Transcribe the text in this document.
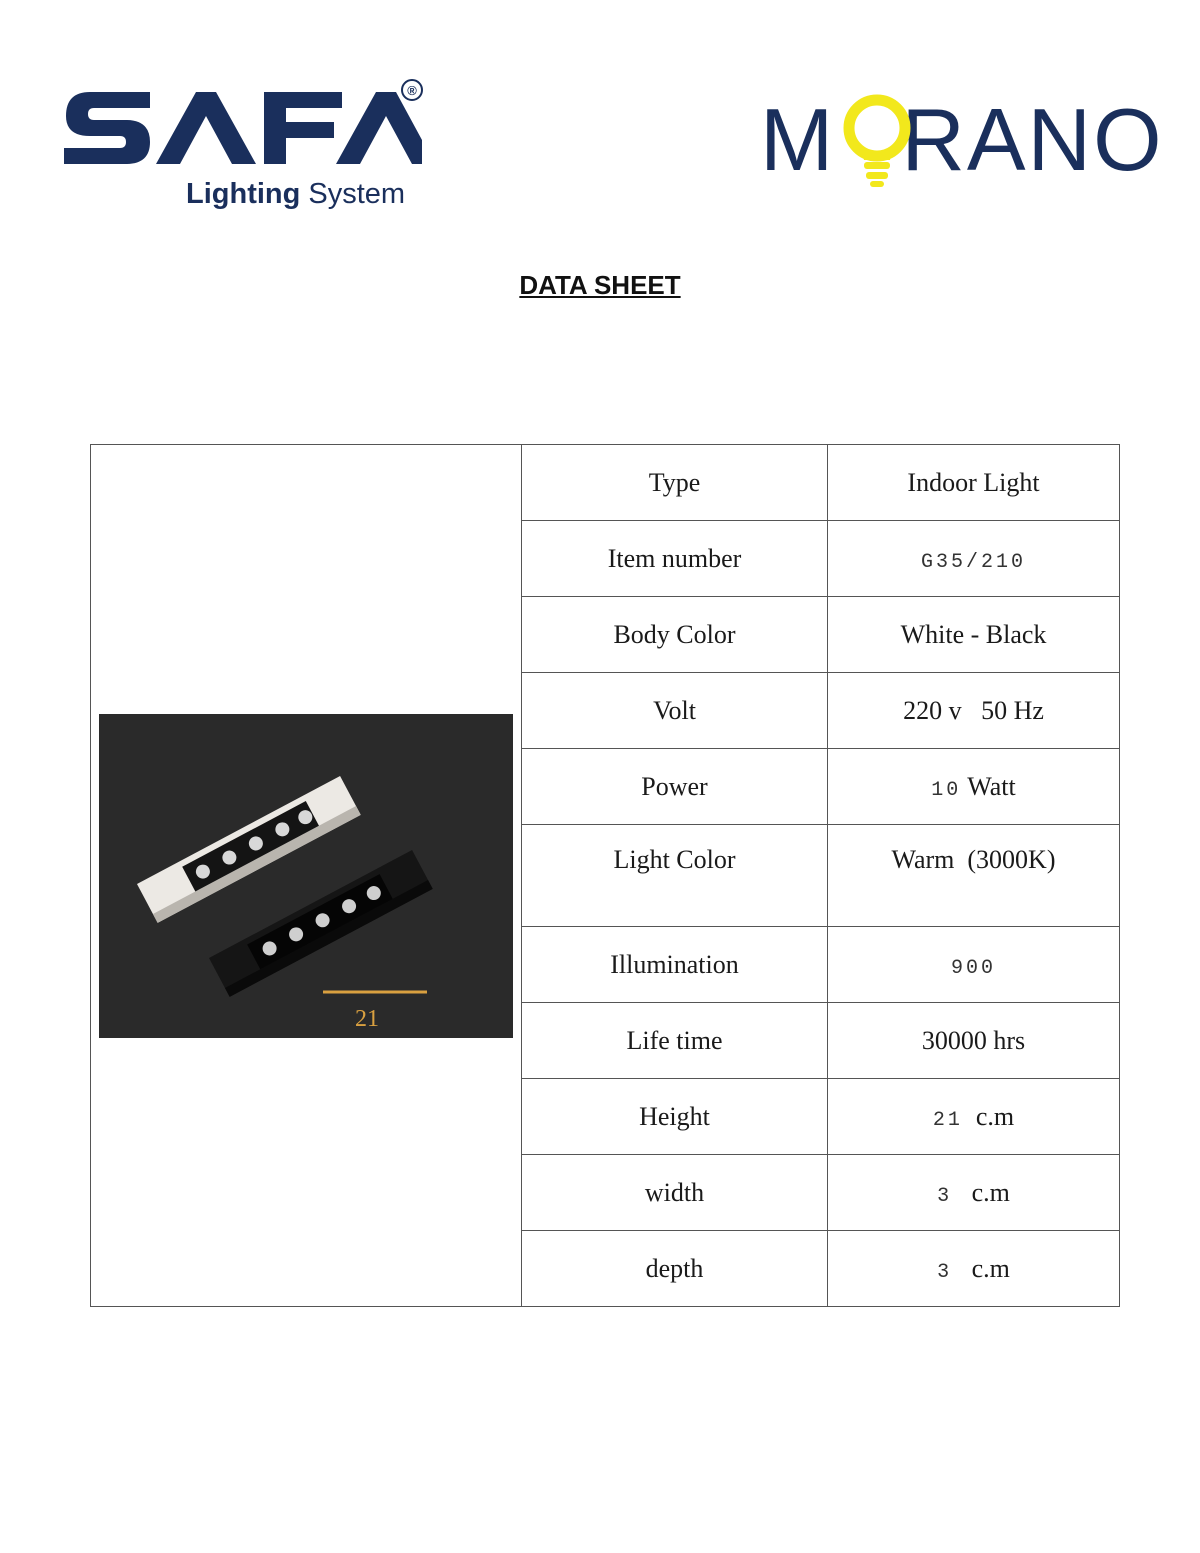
®
Lighting System
M RANO
DATA SHEET
21	Type	Indoor Light
	Item number	G35/210
	Body Color	White - Black
	Volt	220 v   50 Hz
	Power	10 Watt
	Light Color	Warm  (3000K)
	Illumination	900
	Life time	30000 hrs
	Height	21  c.m
	width	3   c.m
	depth	3   c.m
